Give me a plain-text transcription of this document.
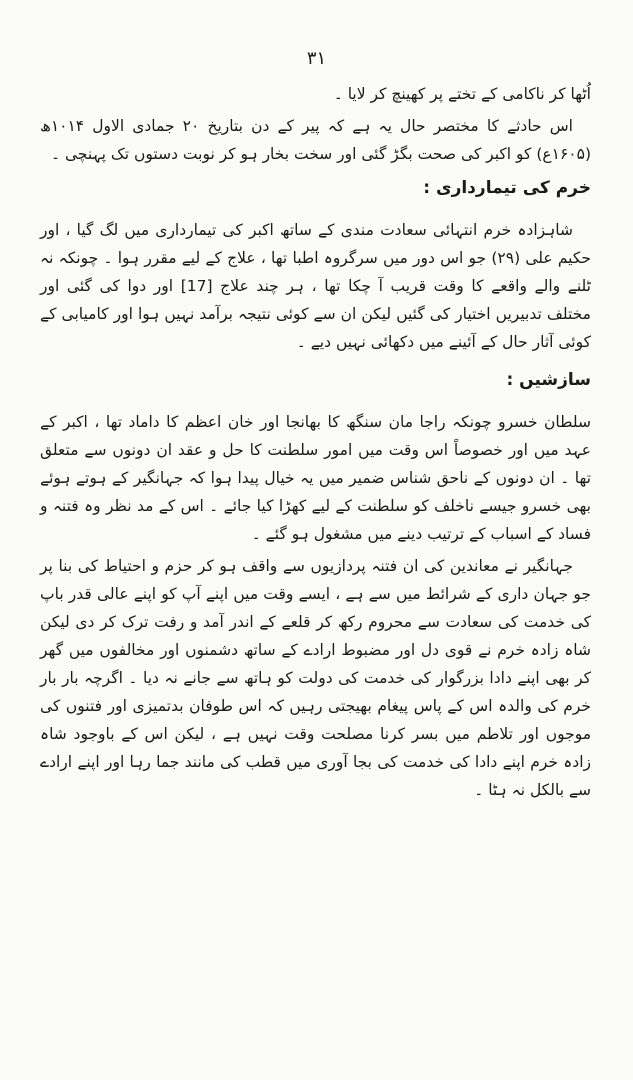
۳۱

اُٹھا کر ناکامی کے تختے پر کھینچ کر لایا ۔

اس حادثے کا مختصر حال یہ ہے کہ پیر کے دن بتاریخ ۲۰ جمادی الاول ۱۰۱۴ھ (۱۶۰۵ع) کو اکبر کی صحت بگڑ گئی اور سخت بخار ہو کر نوبت دستوں تک پہنچی ۔

خرم کی تیمارداری :

شاہزادہ خرم انتہائی سعادت مندی کے ساتھ اکبر کی تیمارداری میں لگ گیا ، اور حکیم علی (۲۹) جو اس دور میں سرگروہ اطبا تھا ، علاج کے لیے مقرر ہوا ۔ چونکہ نہ ٹلنے والے واقعے کا وقت قریب آ چکا تھا ، ہر چند علاج [17] اور دوا کی گئی اور مختلف تدبیریں اختیار کی گئیں لیکن ان سے کوئی نتیجہ برآمد نہیں ہوا اور کامیابی کے کوئی آثار حال کے آئینے میں دکھائی نہیں دیے ۔

سازشیں :

سلطان خسرو چونکہ راجا مان سنگھ کا بھانجا اور خان اعظم کا داماد تھا ، اکبر کے عہد میں اور خصوصاً اس وقت میں امور سلطنت کا حل و عقد ان دونوں سے متعلق تھا ۔ ان دونوں کے ناحق شناس ضمیر میں یہ خیال پیدا ہوا کہ جہانگیر کے ہوتے ہوئے بھی خسرو جیسے ناخلف کو سلطنت کے لیے کھڑا کیا جائے ۔ اس کے مد نظر وہ فتنہ و فساد کے اسباب کے ترتیب دینے میں مشغول ہو گئے ۔

جہانگیر نے معاندین کی ان فتنہ پردازیوں سے واقف ہو کر حزم و احتیاط کی بنا پر جو جہان داری کے شرائط میں سے ہے ، ایسے وقت میں اپنے آپ کو اپنے عالی قدر باپ کی خدمت کی سعادت سے محروم رکھ کر قلعے کے اندر آمد و رفت ترک کر دی لیکن شاہ زادہ خرم نے قوی دل اور مضبوط ارادے کے ساتھ دشمنوں اور مخالفوں میں گھر کر بھی اپنے دادا بزرگوار کی خدمت کی دولت کو ہاتھ سے جانے نہ دیا ۔ اگرچہ بار بار خرم کی والدہ اس کے پاس پیغام بھیجتی رہیں کہ اس طوفان بدتمیزی اور فتنوں کی موجوں اور تلاطم میں بسر کرنا مصلحت وقت نہیں ہے ، لیکن اس کے باوجود شاہ زادہ خرم اپنے دادا کی خدمت کی بجا آوری میں قطب کی مانند جما رہا اور اپنے ارادے سے بالکل نہ ہٹا ۔
